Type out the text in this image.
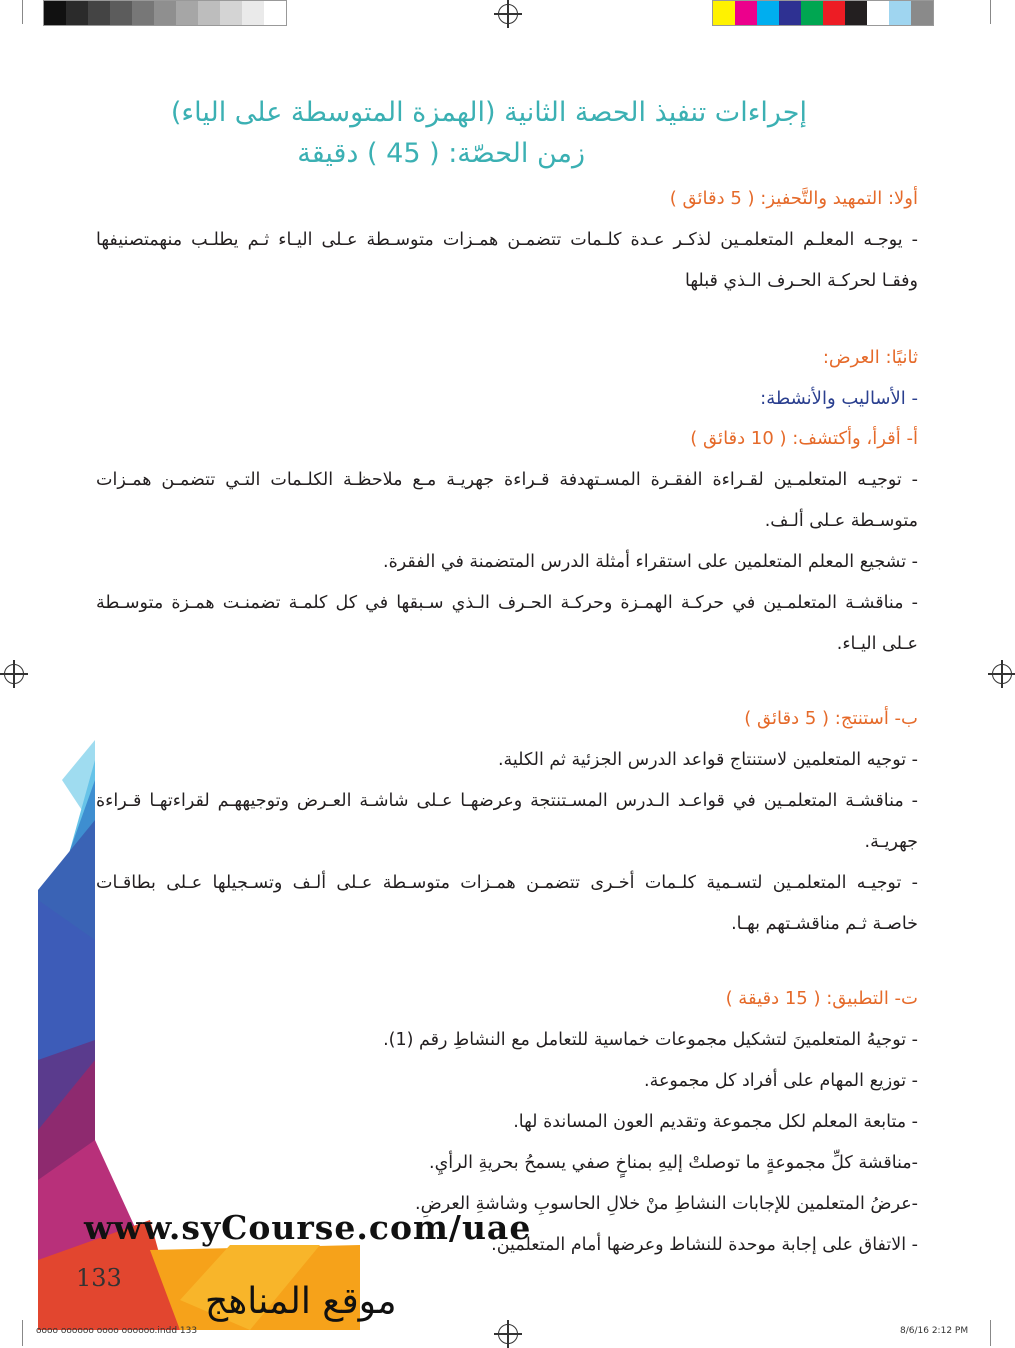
إجراءات تنفيذ الحصة الثانية (الهمزة المتوسطة على الياء)
زمن الحصّة: ( 45 ) دقيقة
أولا: التمهيد والتَّحفيز: ( 5 دقائق )
- يوجـه المعلـم المتعلمـين لذكـر عـدة كلـمات تتضمـن همـزات متوسـطة عـلى اليـاء ثـم يطلـب منهمتصنيفها
وفقـا لحركـة الحـرف الـذي قبلها
ثانيًا: العرض:
- الأساليب والأنشطة:
أ- أقرأ، وأكتشف: ( 10 دقائق )
- توجيـه المتعلمـين لقـراءة الفقـرة المسـتهدفة قـراءة جهريـة مـع ملاحظـة الكلـمات التـي تتضمـن همـزات
متوسـطة عـلى ألـف.
- تشجيع المعلم المتعلمين على استقراء أمثلة الدرس المتضمنة في الفقرة.
- مناقشـة المتعلمـين في حركـة الهمـزة وحركـة الحـرف الـذي سـبقها في كل كلمـة تضمنـت همـزة متوسـطة
عـلى اليـاء.
ب- أستنتج: ( 5 دقائق )
- توجيه المتعلمين لاستنتاج قواعد الدرس الجزئية ثم الكلية.
- مناقشـة المتعلمـين في قواعـد الـدرس المسـتنتجة وعرضهـا عـلى شاشـة العـرض وتوجيههـم لقراءتهـا قـراءة
جهريـة.
- توجيـه المتعلمـين لتسـمية كلـمات أخـرى تتضمـن همـزات متوسـطة عـلى ألـف وتسـجيلها عـلى بطاقـات
خاصـة ثـم مناقشـتهم بهـا.
ت- التطبيق: ( 15 دقيقة )
- توجيهُ المتعلمينَ لتشكيل مجموعات خماسية للتعامل مع النشاطِ رقم (1).
- توزيع المهام على أفراد كل مجموعة.
- متابعة المعلم لكل مجموعة وتقديم العون المساندة لها.
-مناقشة كلِّ مجموعةٍ ما توصلتْ إليهِ بمناخٍ صفي يسمحُ بحريةِ الرأيِ.
-عرضُ المتعلمين للإجابات النشاطِ منْ خلالِ الحاسوبِ وشاشةِ العرضِ.
- الاتفاق على إجابة موحدة للنشاط وعرضها أمام المتعلمين.
www.syCourse.com/uae
موقع المناهج
133
oooo oooooo oooo oooooo.indd 133	8/6/16 2:12 PM
